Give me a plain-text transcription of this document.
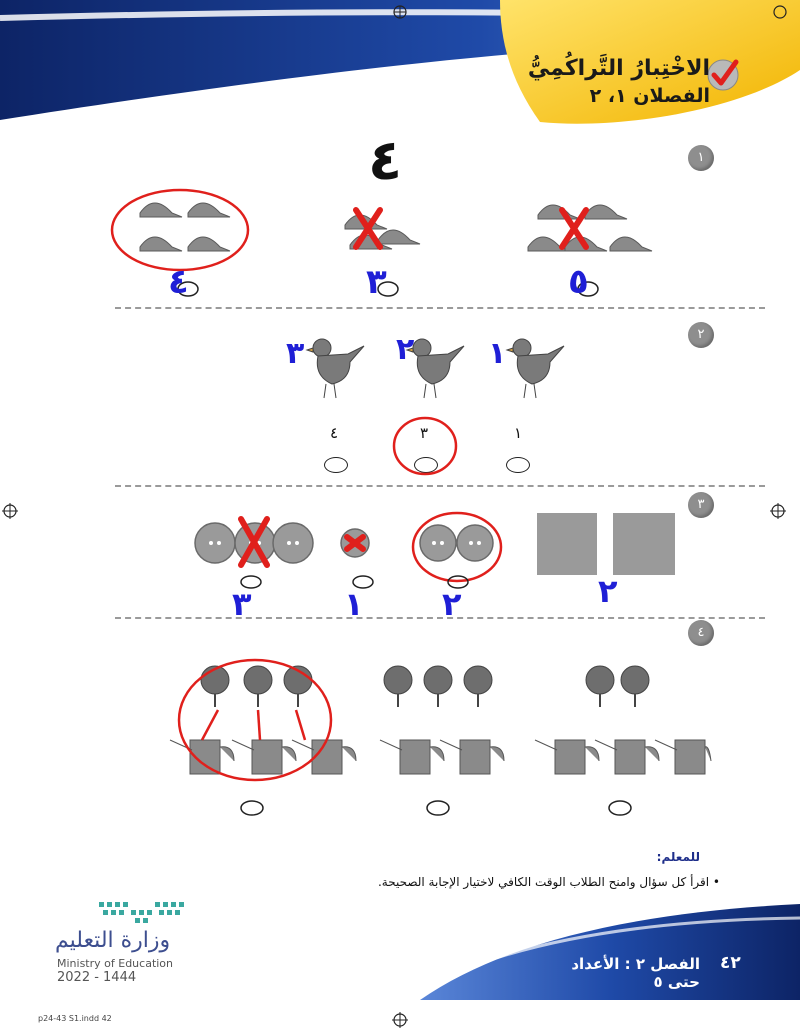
الاخْتِبارُ التَّراكُمِيُّ
الفصلان ١، ٢
١
٤
٤	٣	٥
٢
٣	٢ ١
٤	٣	١
٣
٣	١ ٢	٢
٤
للمعلم:
• اقرأ كل سؤال وامنح الطلاب الوقت الكافي لاختيار الإجابة الصحيحة.
الفصل ٢ : الأعداد حتى ٥
٤٢
وزارة التعليم
Ministry of Education
2022 - 1444
p24-43 S1.indd 42
